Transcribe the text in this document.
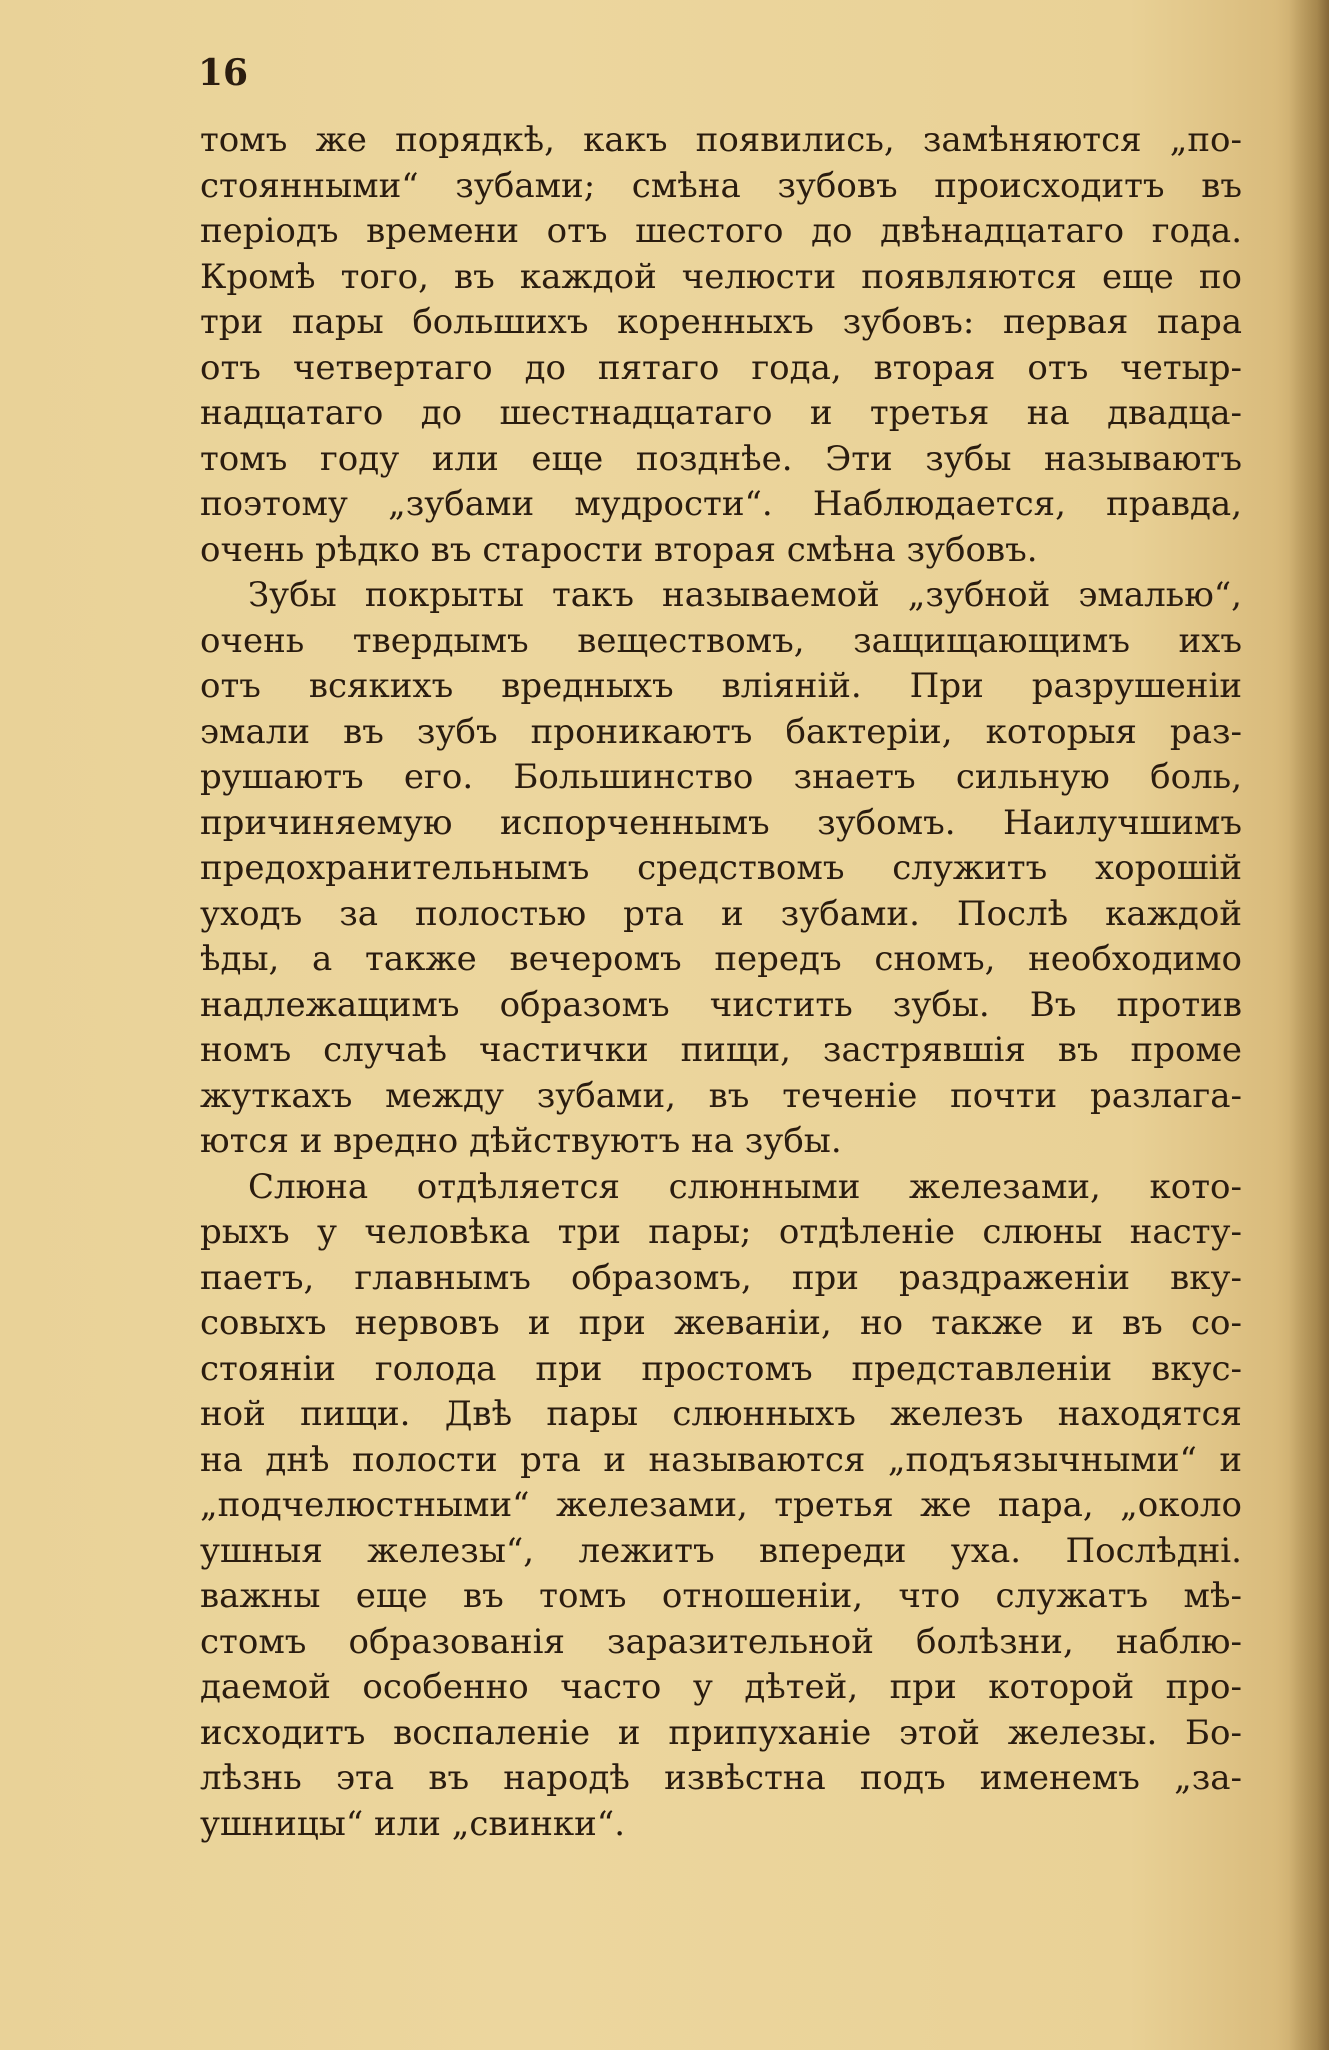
16
томъ же порядкѣ, какъ появились, замѣняются „по-
стоянными“ зубами; смѣна зубовъ происходитъ въ
періодъ времени отъ шестого до двѣнадцатаго года.
Кромѣ того, въ каждой челюсти появляются еще по
три пары большихъ коренныхъ зубовъ: первая пара
отъ четвертаго до пятаго года, вторая отъ четыр-
надцатаго до шестнадцатаго и третья на двадца-
томъ году или еще позднѣе. Эти зубы называютъ
поэтому „зубами мудрости“. Наблюдается, правда,
очень рѣдко въ старости вторая смѣна зубовъ.
Зубы покрыты такъ называемой „зубной эмалью“,
очень твердымъ веществомъ, защищающимъ ихъ
отъ всякихъ вредныхъ вліяній. При разрушеніи
эмали въ зубъ проникаютъ бактеріи, которыя раз-
рушаютъ его. Большинство знаетъ сильную боль,
причиняемую испорченнымъ зубомъ. Наилучшимъ
предохранительнымъ средствомъ служитъ хорошій
уходъ за полостью рта и зубами. Послѣ каждой
ѣды, а также вечеромъ передъ сномъ, необходимо
надлежащимъ образомъ чистить зубы. Въ против
номъ случаѣ частички пищи, застрявшія въ проме
жуткахъ между зубами, въ теченіе почти разлага-
ются и вредно дѣйствуютъ на зубы.
Слюна отдѣляется слюнными железами, кото-
рыхъ у человѣка три пары; отдѣленіе слюны насту-
паетъ, главнымъ образомъ, при раздраженіи вку-
совыхъ нервовъ и при жеваніи, но также и въ со-
стояніи голода при простомъ представленіи вкус-
ной пищи. Двѣ пары слюнныхъ железъ находятся
на днѣ полости рта и называются „подъязычными“ и
„подчелюстными“ железами, третья же пара, „около
ушныя железы“, лежитъ впереди уха. Послѣдні.
важны еще въ томъ отношеніи, что служатъ мѣ-
стомъ образованія заразительной болѣзни, наблю-
даемой особенно часто у дѣтей, при которой про-
исходитъ воспаленіе и припуханіе этой железы. Бо-
лѣзнь эта въ народѣ извѣстна подъ именемъ „за-
ушницы“ или „свинки“.
